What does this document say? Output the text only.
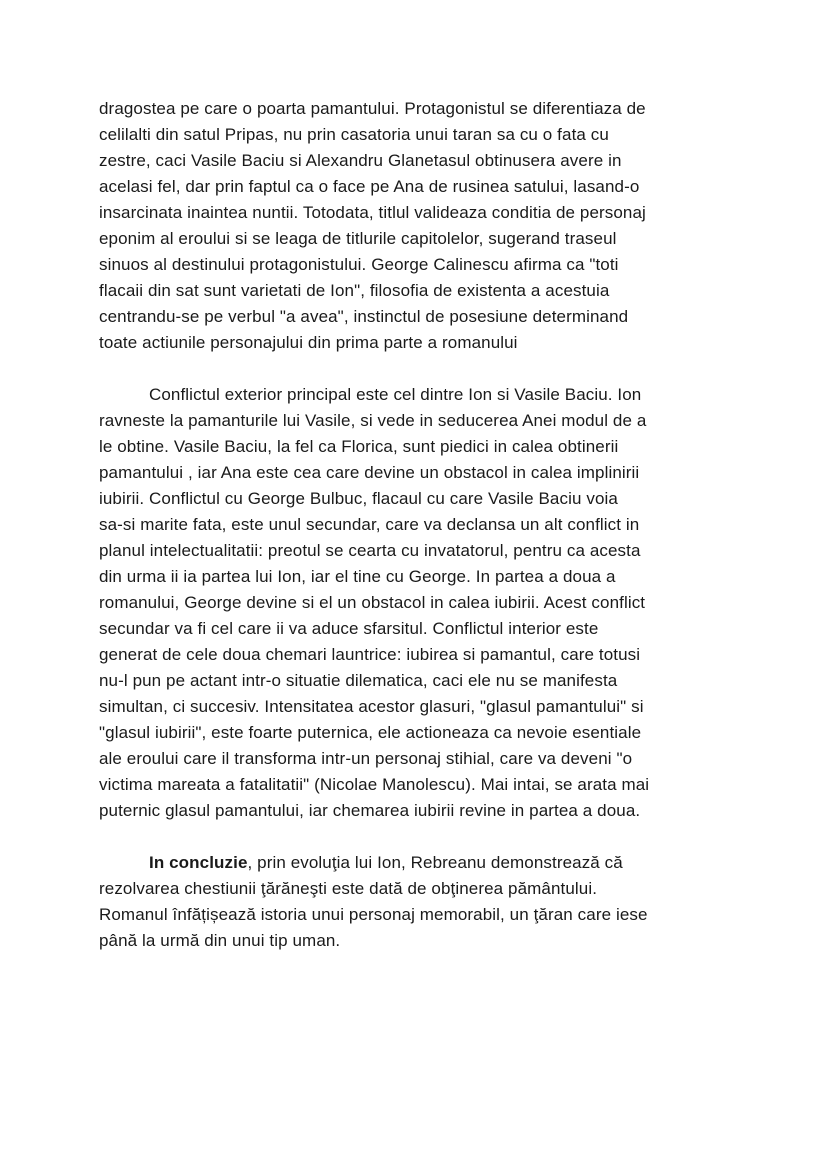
dragostea pe care o poarta pamantului. Protagonistul se diferentiaza de
celilalti din satul Pripas, nu prin casatoria unui taran sa cu o fata cu
zestre, caci Vasile Baciu si Alexandru Glanetasul obtinusera avere in
acelasi fel, dar prin faptul ca o face pe Ana de rusinea satului, lasand-o
insarcinata inaintea nuntii. Totodata, titlul valideaza conditia de personaj
eponim al eroului si se leaga de titlurile capitolelor, sugerand traseul
sinuos al destinului protagonistului. George Calinescu afirma ca "toti
flacaii din sat sunt varietati de Ion", filosofia de existenta a acestuia
centrandu-se pe verbul "a avea", instinctul de posesiune determinand
toate actiunile personajului din prima parte a romanului
Conflictul exterior principal este cel dintre Ion si Vasile Baciu. Ion
ravneste la pamanturile lui Vasile, si vede in seducerea Anei modul de a
le obtine. Vasile Baciu, la fel ca Florica, sunt piedici in calea obtinerii
pamantului , iar Ana este cea care devine un obstacol in calea implinirii
iubirii. Conflictul cu George Bulbuc, flacaul cu care Vasile Baciu voia
sa-si marite fata, este unul secundar, care va declansa un alt conflict in
planul intelectualitatii: preotul se cearta cu invatatorul, pentru ca acesta
din urma ii ia partea lui Ion, iar el tine cu George. In partea a doua a
romanului, George devine si el un obstacol in calea iubirii. Acest conflict
secundar va fi cel care ii va aduce sfarsitul. Conflictul interior este
generat de cele doua chemari launtrice: iubirea si pamantul, care totusi
nu-l pun pe actant intr-o situatie dilematica, caci ele nu se manifesta
simultan, ci succesiv. Intensitatea acestor glasuri, "glasul pamantului" si
"glasul iubirii", este foarte puternica, ele actioneaza ca nevoie esentiale
ale eroului care il transforma intr-un personaj stihial, care va deveni "o
victima mareata a fatalitatii" (Nicolae Manolescu). Mai intai, se arata mai
puternic glasul pamantului, iar chemarea iubirii revine in partea a doua.
In concluzie, prin evoluţia lui Ion, Rebreanu demonstrează că
rezolvarea chestiunii ţărăneşti este dată de obţinerea pământului.
Romanul înfățișează istoria unui personaj memorabil, un ţăran care iese
până la urmă din unui tip uman.
